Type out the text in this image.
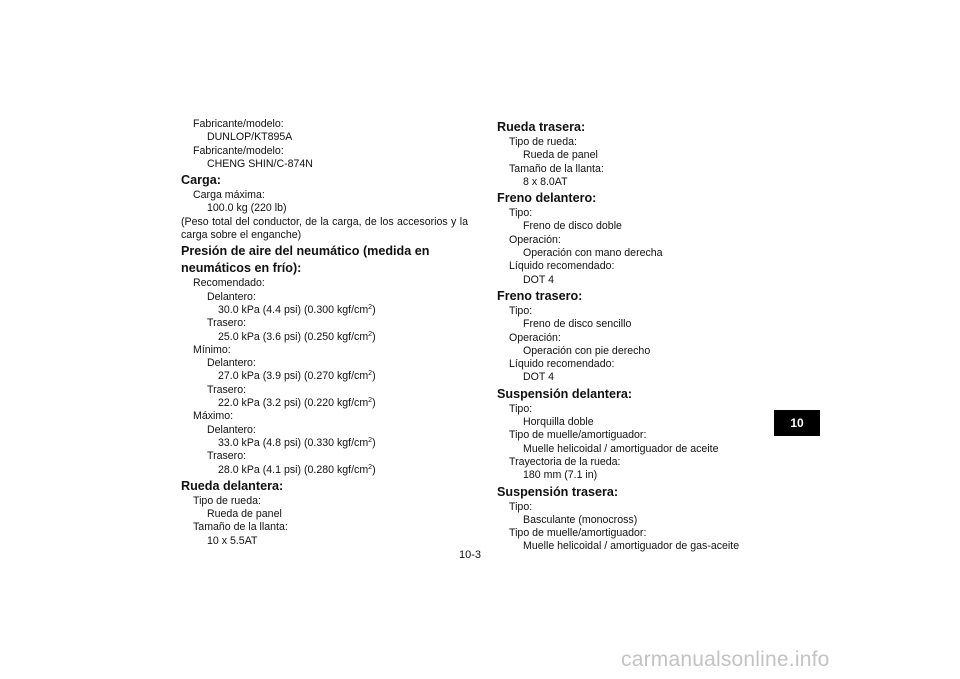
Fabricante/modelo:
DUNLOP/KT895A
Fabricante/modelo:
CHENG SHIN/C-874N
Carga:
Carga máxima:
100.0 kg (220 lb)
(Peso total del conductor, de la carga, de los accesorios y la carga sobre el enganche)
Presión de aire del neumático (medida en neumáticos en frío):
Recomendado:
Delantero:
30.0 kPa (4.4 psi) (0.300 kgf/$cm^2$)
Trasero:
25.0 kPa (3.6 psi) (0.250 kgf/$cm^2$)
Mínimo:
Delantero:
27.0 kPa (3.9 psi) (0.270 kgf/$cm^2$)
Trasero:
22.0 kPa (3.2 psi) (0.220 kgf/$cm^2$)
Máximo:
Delantero:
33.0 kPa (4.8 psi) (0.330 kgf/$cm^2$)
Trasero:
28.0 kPa (4.1 psi) (0.280 kgf/$cm^2$)
Rueda delantera:
Tipo de rueda:
Rueda de panel
Tamaño de la llanta:
10 x 5.5AT
Rueda trasera:
Tipo de rueda:
Rueda de panel
Tamaño de la llanta:
8 x 8.0AT
Freno delantero:
Tipo:
Freno de disco doble
Operación:
Operación con mano derecha
Líquido recomendado:
DOT 4
Freno trasero:
Tipo:
Freno de disco sencillo
Operación:
Operación con pie derecho
Líquido recomendado:
DOT 4
Suspensión delantera:
Tipo:
Horquilla doble
Tipo de muelle/amortiguador:
Muelle helicoidal / amortiguador de aceite
Trayectoria de la rueda:
180 mm (7.1 in)
Suspensión trasera:
Tipo:
Basculante (monocross)
Tipo de muelle/amortiguador:
Muelle helicoidal / amortiguador de gas-aceite
10
10-3
carmanualsonline.info
